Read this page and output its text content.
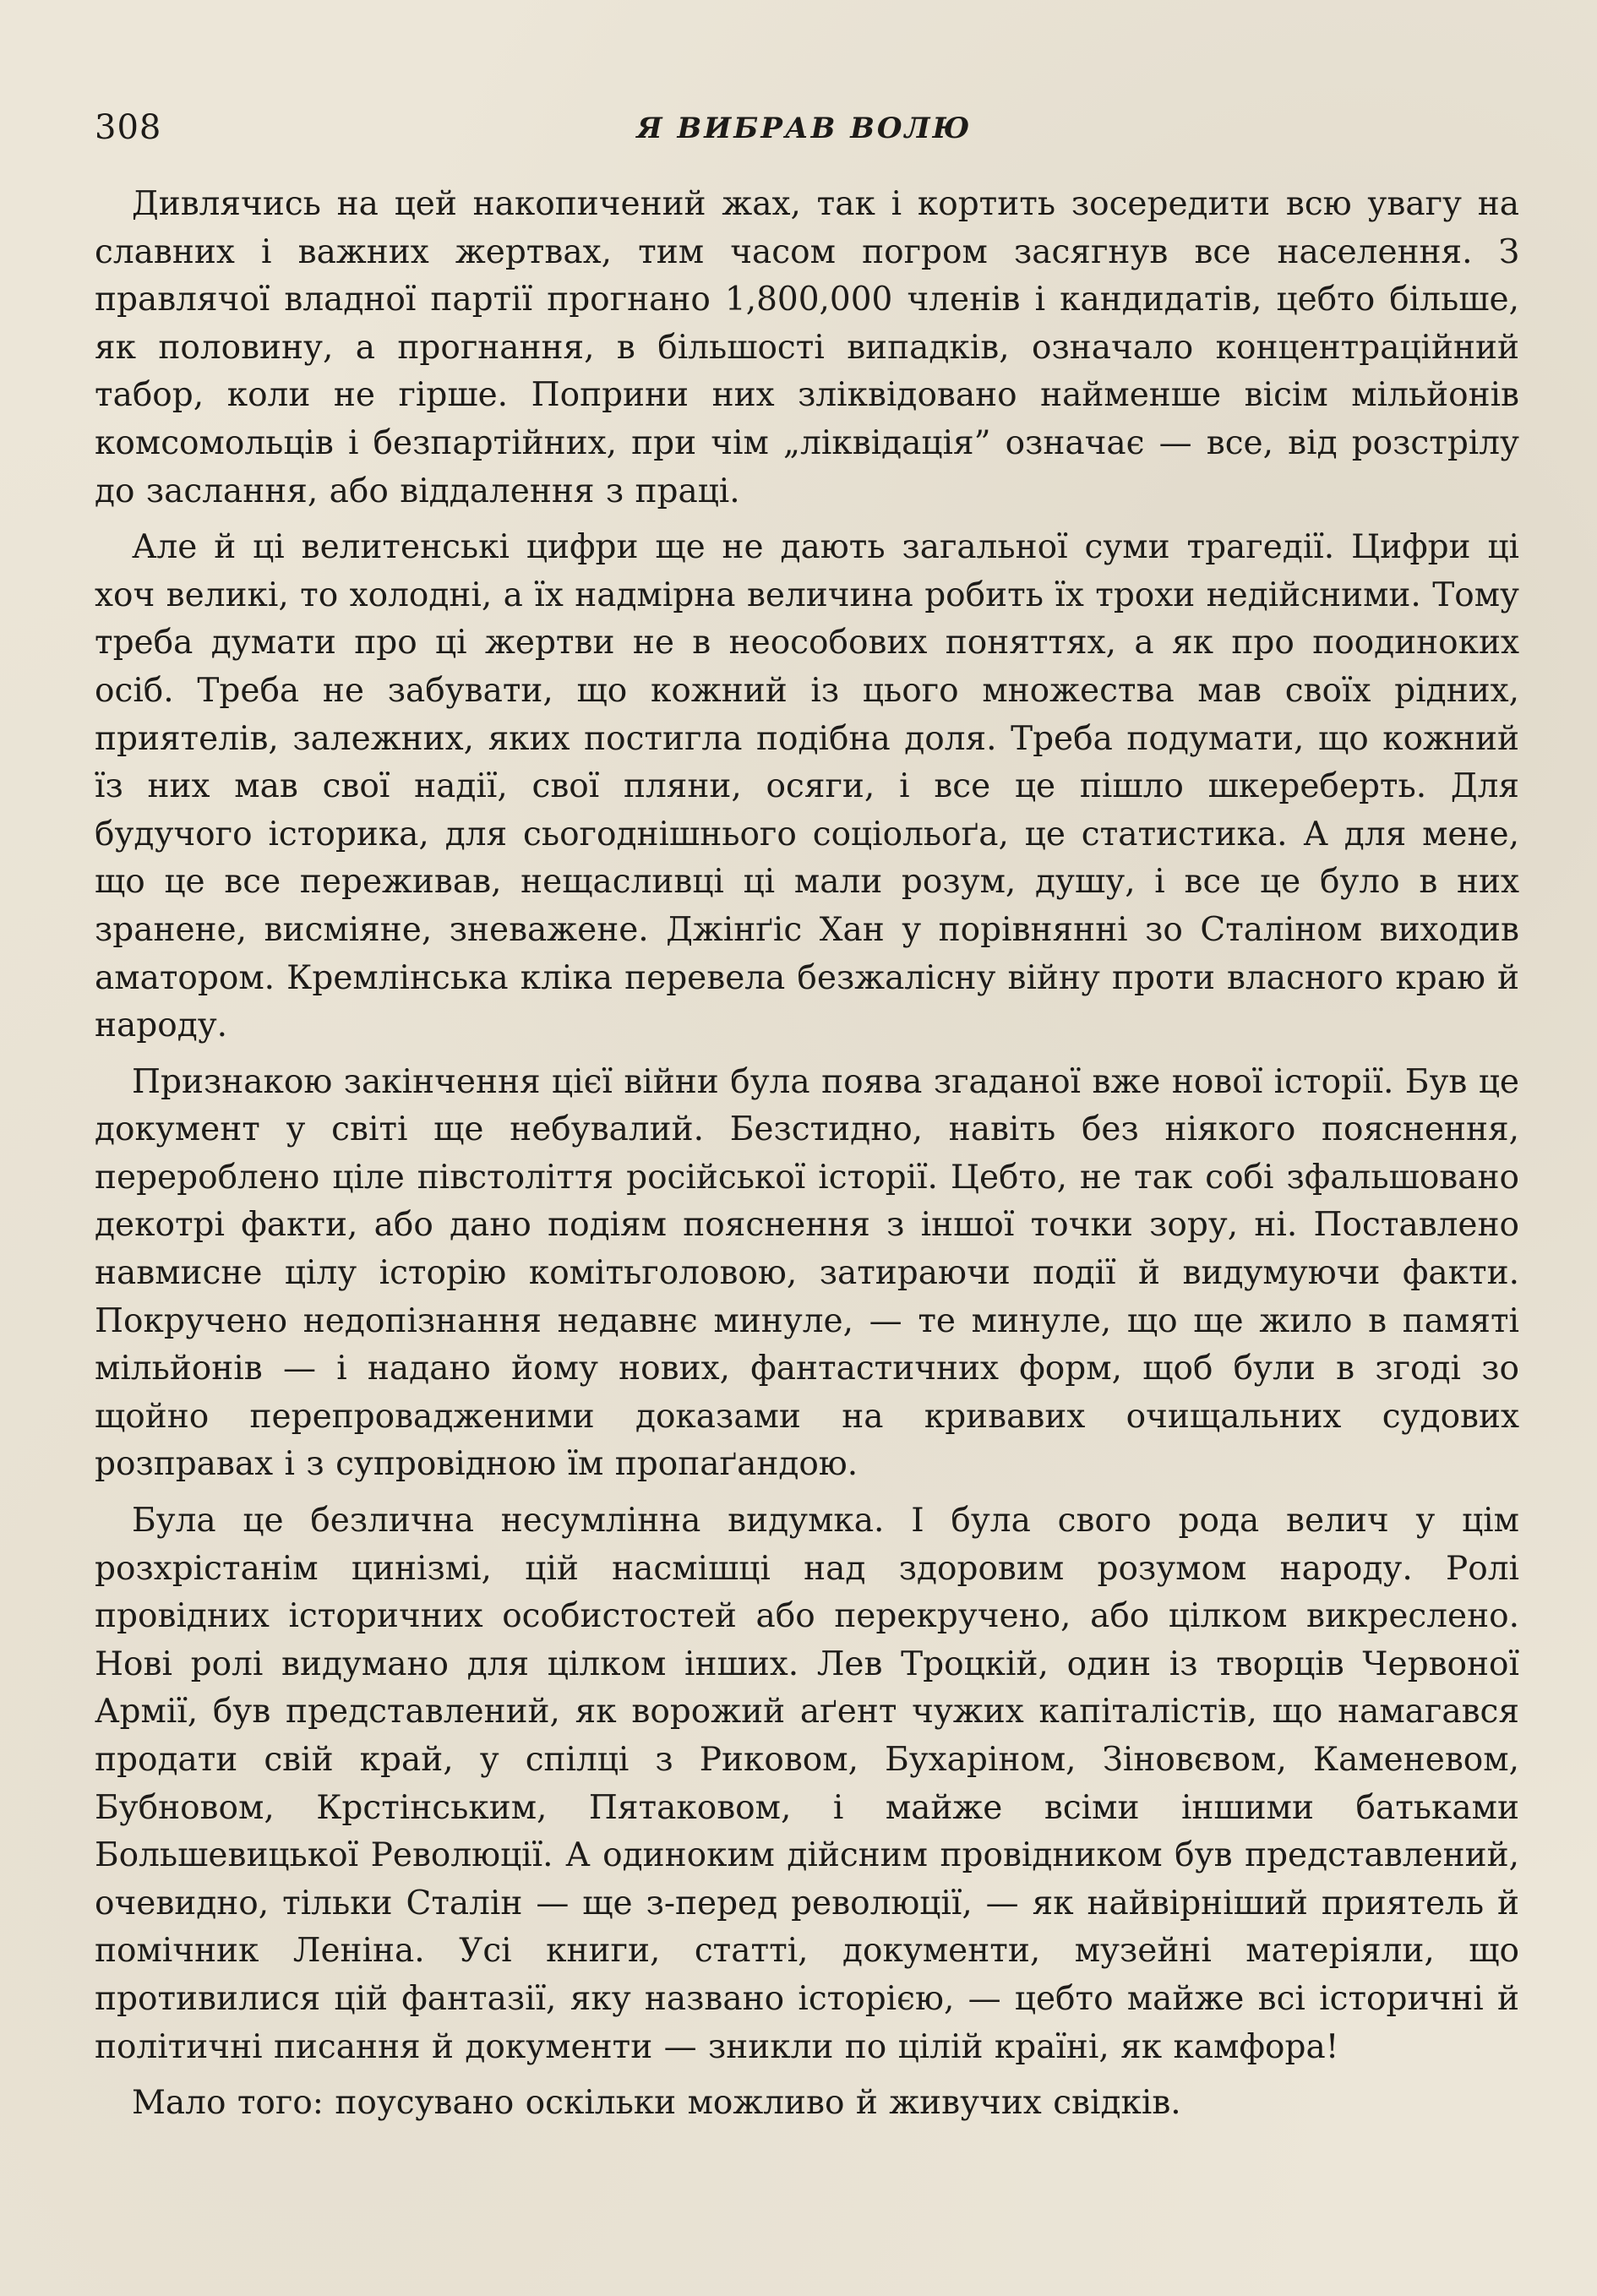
308	Я ВИБРАВ ВОЛЮ

Дивлячись на цей накопичений жах, так і кортить зосередити всю увагу на славних і важних жертвах, тим часом погром засягнув все населення. З правлячої владної партії прогнано 1,800,000 членів і кандидатів, цебто більше, як половину, а прогнання, в більшості випадків, означало концентраційний табор, коли не гірше. Поприни них зліквідовано найменше вісім мільйонів комсомольців і безпартійних, при чім „ліквідація” означає — все, від розстрілу до заслання, або віддалення з праці.

Але й ці велитенські цифри ще не дають загальної суми трагедії. Цифри ці хоч великі, то холодні, а їх надмірна величина робить їх трохи недійсними. Тому треба думати про ці жертви не в неособових поняттях, а як про поодиноких осіб. Треба не забувати, що кожний із цього множества мав своїх рідних, приятелів, залежних, яких постигла подібна доля. Треба подумати, що кожний їз них мав свої надії, свої пляни, осяги, і все це пішло шкереберть. Для будучого історика, для сьогоднішнього соціольоґа, це статистика. А для мене, що це все переживав, нещасливці ці мали розум, душу, і все це було в них зранене, висміяне, зневажене. Джінґіс Хан у порівнянні зо Сталіном виходив аматором. Кремлінська кліка перевела безжалісну війну проти власного краю й народу.

Признакою закінчення цієї війни була поява згаданої вже нової історії. Був це документ у світі ще небувалий. Безстидно, навіть без ніякого пояснення, перероблено ціле півстоліття російської історії. Цебто, не так собі зфальшовано декотрі факти, або дано подіям пояснення з іншої точки зору, ні. Поставлено навмисне цілу історію комітьголовою, затираючи події й видумуючи факти. Покручено недопізнання недавнє минуле, — те минуле, що ще жило в памяті мільйонів — і надано йому нових, фантастичних форм, щоб були в згоді зо щойно перепровадженими доказами на кривавих очищальних судових розправах і з супровідною їм пропаґандою.

Була це безлична несумлінна видумка. І була свого рода велич у цім розхрістанім цинізмі, цій насмішці над здоровим розумом народу. Ролі провідних історичних особистостей або перекручено, або цілком викреслено. Нові ролі видумано для цілком інших. Лев Троцкій, один із творців Червоної Армії, був представлений, як ворожий аґент чужих капіталістів, що намагався продати свій край, у спілці з Риковом, Бухаріном, Зіновєвом, Каменевом, Бубновом, Крстінським, Пятаковом, і майже всіми іншими батьками Большевицької Революції. А одиноким дійсним провідником був представлений, очевидно, тільки Сталін — ще з-перед революції, — як найвірніший приятель й помічник Леніна. Усі книги, статті, документи, музейні матеріяли, що противилися цій фантазії, яку названо історією, — цебто майже всі історичні й політичні писання й документи — зникли по цілій країні, як камфора!

Мало того: поусувано оскільки можливо й живучих свідків.
